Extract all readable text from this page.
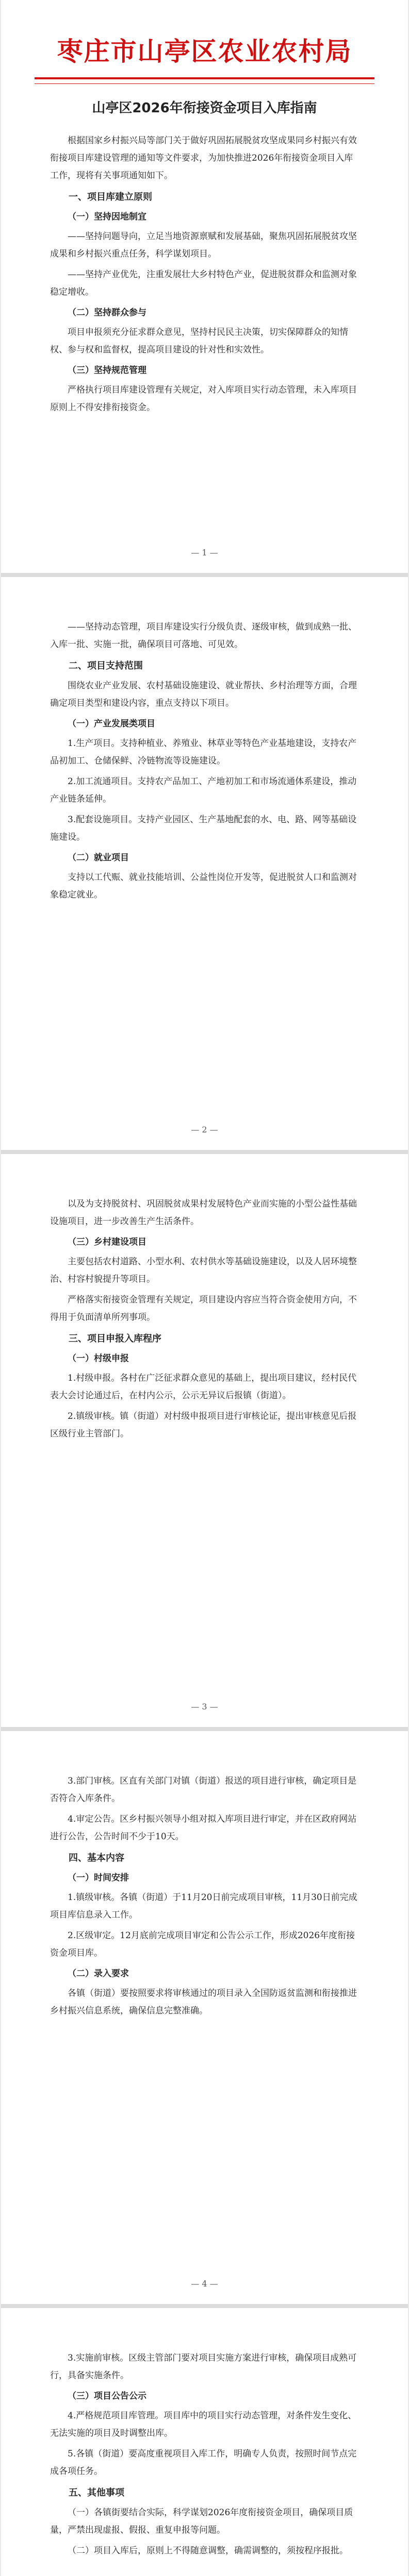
枣庄市山亭区农业农村局
山亭区2026年衔接资金项目入库指南

根据国家乡村振兴局等部门关于做好巩固拓展脱贫攻坚成果同乡村振兴有效衔接项目库建设管理的通知等文件要求，为加快推进2026年衔接资金项目入库工作，现将有关事项通知如下。

一、项目库建立原则
（一）坚持因地制宜

——坚持问题导向，立足当地资源禀赋和发展基础，聚焦巩固拓展脱贫攻坚成果和乡村振兴重点任务，科学谋划项目。

——坚持产业优先，注重发展壮大乡村特色产业，促进脱贫群众和监测对象稳定增收。

（二）坚持群众参与

项目申报须充分征求群众意见，坚持村民民主决策，切实保障群众的知情权、参与权和监督权，提高项目建设的针对性和实效性。

（三）坚持规范管理

严格执行项目库建设管理有关规定，对入库项目实行动态管理，未入库项目原则上不得安排衔接资金。

— 1 —

——坚持动态管理，项目库建设实行分级负责、逐级审核，做到成熟一批、入库一批、实施一批，确保项目可落地、可见效。

二、项目支持范围

围绕农业产业发展、农村基础设施建设、就业帮扶、乡村治理等方面，合理确定项目类型和建设内容，重点支持以下项目。

（一）产业发展类项目

1.生产项目。支持种植业、养殖业、林草业等特色产业基地建设，支持农产品初加工、仓储保鲜、冷链物流等设施建设。

2.加工流通项目。支持农产品加工、产地初加工和市场流通体系建设，推动产业链条延伸。

3.配套设施项目。支持产业园区、生产基地配套的水、电、路、网等基础设施建设。

（二）就业项目

支持以工代赈、就业技能培训、公益性岗位开发等，促进脱贫人口和监测对象稳定就业。

— 2 —

以及为支持脱贫村、巩固脱贫成果村发展特色产业而实施的小型公益性基础设施项目，进一步改善生产生活条件。

（三）乡村建设项目

主要包括农村道路、小型水利、农村供水等基础设施建设，以及人居环境整治、村容村貌提升等项目。

严格落实衔接资金管理有关规定，项目建设内容应当符合资金使用方向，不得用于负面清单所列事项。

三、项目申报入库程序
（一）村级申报

1.村级申报。各村在广泛征求群众意见的基础上，提出项目建议，经村民代表大会讨论通过后，在村内公示，公示无异议后报镇（街道）。

2.镇级审核。镇（街道）对村级申报项目进行审核论证，提出审核意见后报区级行业主管部门。

— 3 —

3.部门审核。区直有关部门对镇（街道）报送的项目进行审核，确定项目是否符合入库条件。

4.审定公告。区乡村振兴领导小组对拟入库项目进行审定，并在区政府网站进行公告，公告时间不少于10天。

四、基本内容
（一）时间安排

1.镇级审核。各镇（街道）于11月20日前完成项目审核，11月30日前完成项目库信息录入工作。

2.区级审定。12月底前完成项目审定和公告公示工作，形成2026年度衔接资金项目库。

（二）录入要求

各镇（街道）要按照要求将审核通过的项目录入全国防返贫监测和衔接推进乡村振兴信息系统，确保信息完整准确。

— 4 —

3.实施前审核。区级主管部门要对项目实施方案进行审核，确保项目成熟可行，具备实施条件。

（三）项目公告公示

4.严格规范项目库管理。项目库中的项目实行动态管理，对条件发生变化、无法实施的项目及时调整出库。

5.各镇（街道）要高度重视项目入库工作，明确专人负责，按照时间节点完成各项任务。

五、其他事项

（一）各镇街要结合实际，科学谋划2026年度衔接资金项目，确保项目质量，严禁出现虚报、假报、重复申报等问题。

（二）项目入库后，原则上不得随意调整，确需调整的，须按程序报批。
